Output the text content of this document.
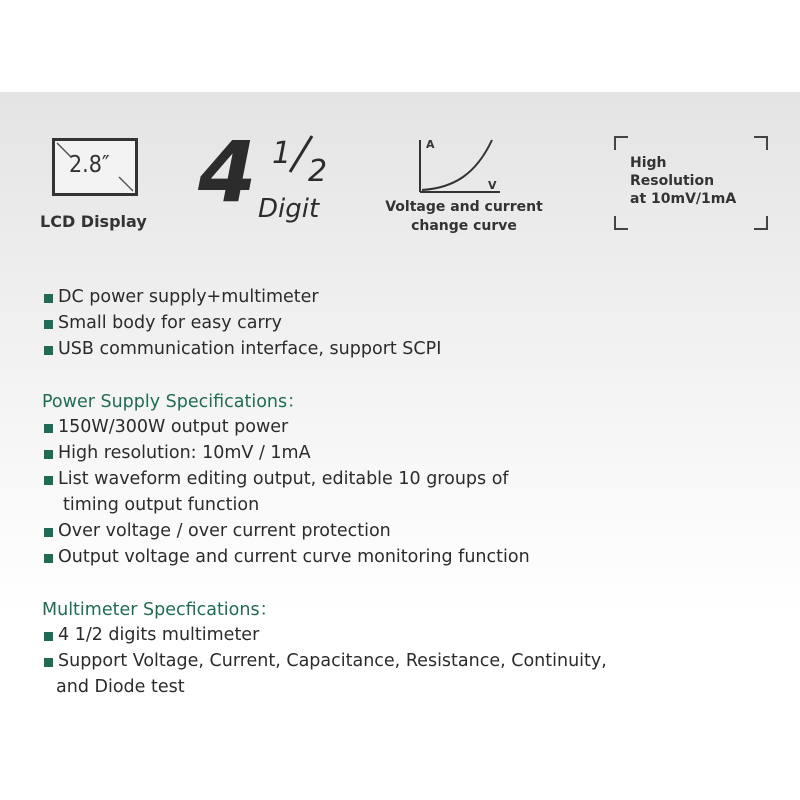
2.8″
LCD Display
4 1
2
Digit
A
V
Voltage and current
change curve
High
Resolution
at 10mV/1mA
DC power supply+multimeter
Small body for easy carry
USB communication interface, support SCPI
Power Supply Specifications：
150W/300W output power
High resolution: 10mV / 1mA
List waveform editing output, editable 10 groups of
timing output function
Over voltage / over current protection
Output voltage and current curve monitoring function
Multimeter Specfications：
4 1/2 digits multimeter
Support Voltage, Current, Capacitance, Resistance, Continuity,
and Diode test
